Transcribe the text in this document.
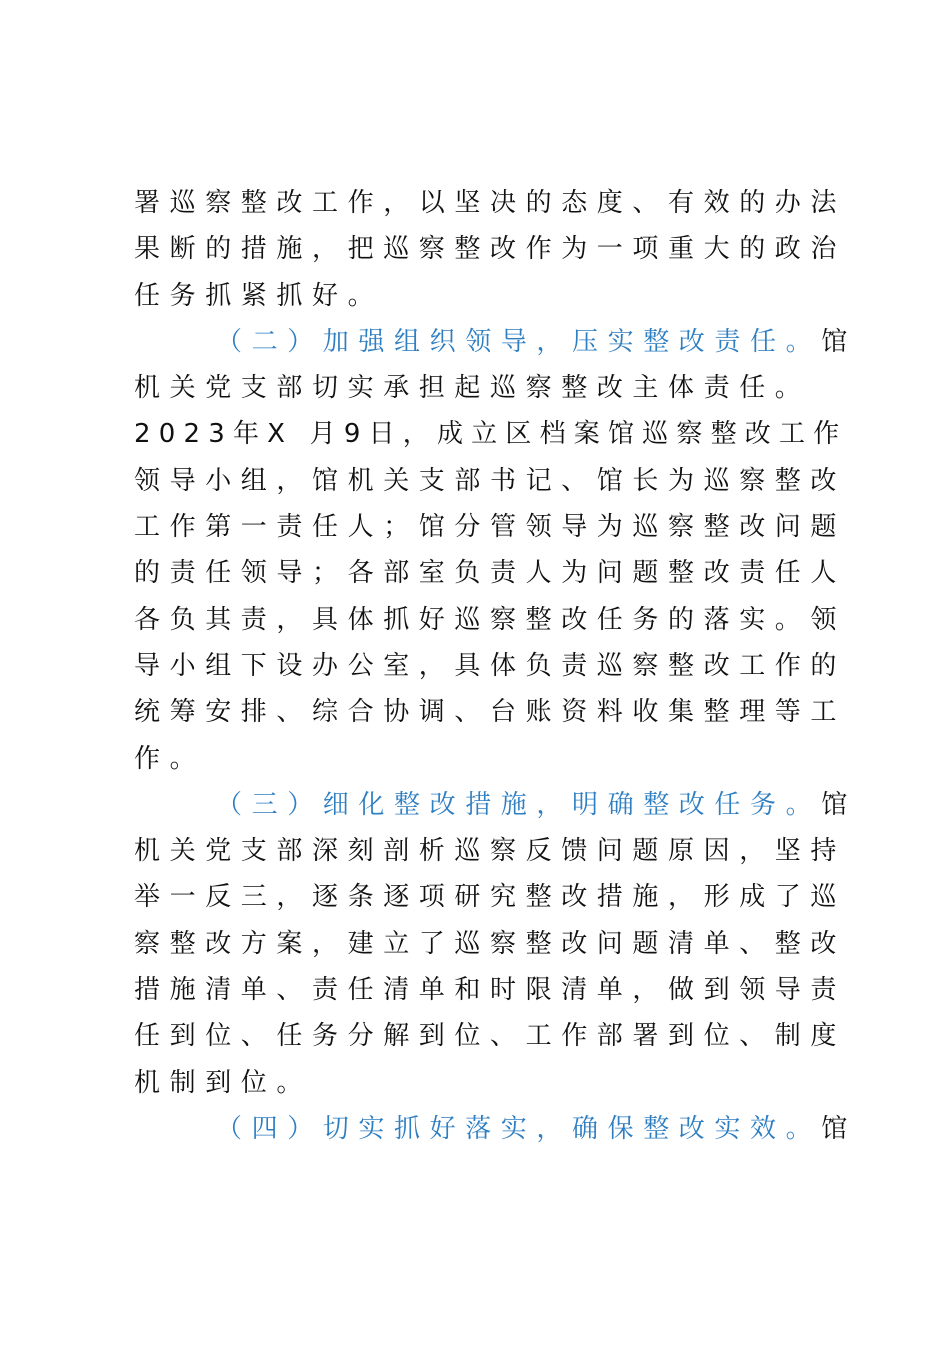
署巡察整改工作，以坚决的态度、有效的办法
果断的措施，把巡察整改作为一项重大的政治
任务抓紧抓好。
（二）加强组织领导，压实整改责任。馆
机关党支部切实承担起巡察整改主体责任。
2023年X 月9日，成立区档案馆巡察整改工作
领导小组，馆机关支部书记、馆长为巡察整改
工作第一责任人；馆分管领导为巡察整改问题
的责任领导；各部室负责人为问题整改责任人
各负其责，具体抓好巡察整改任务的落实。领
导小组下设办公室，具体负责巡察整改工作的
统筹安排、综合协调、台账资料收集整理等工
作。
（三）细化整改措施，明确整改任务。馆
机关党支部深刻剖析巡察反馈问题原因，坚持
举一反三，逐条逐项研究整改措施，形成了巡
察整改方案，建立了巡察整改问题清单、整改
措施清单、责任清单和时限清单，做到领导责
任到位、任务分解到位、工作部署到位、制度
机制到位。
（四）切实抓好落实，确保整改实效。馆
